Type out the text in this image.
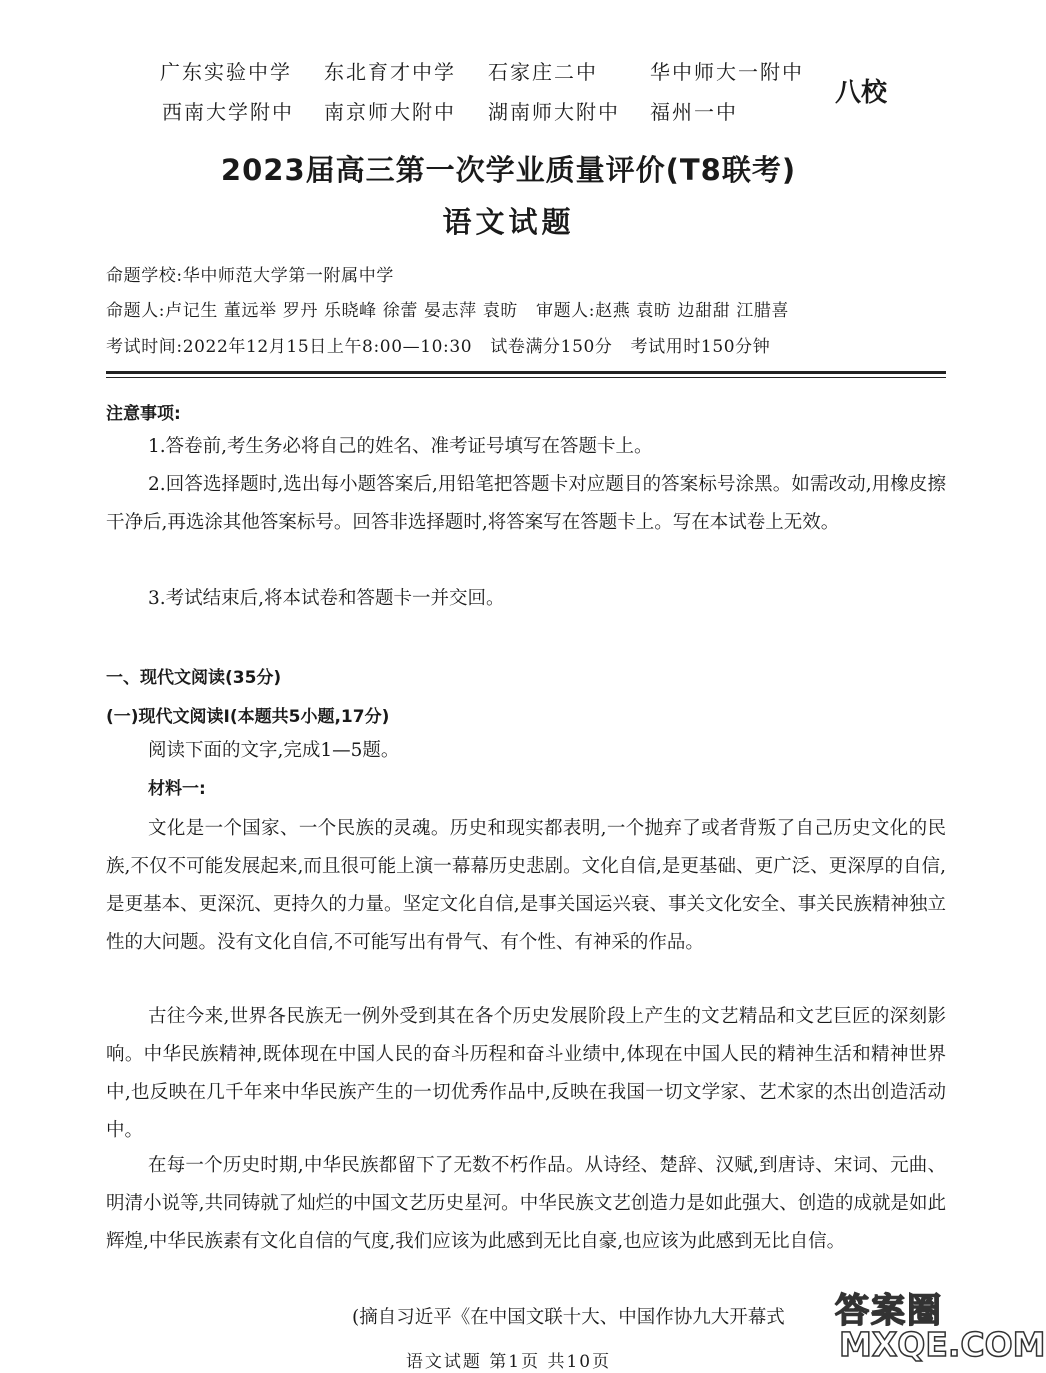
广东实验中学 东北育才中学 石家庄二中	华中师大一附中
西南大学附中 南京师大附中 湖南师大附中 福州一中
八校
2023届高三第一次学业质量评价(T8联考)
语文试题
命题学校:华中师范大学第一附属中学
命题人:卢记生 董远举 罗丹 乐晓峰 徐蕾 晏志萍 袁昉 审题人:赵燕 袁昉 边甜甜 江腊喜
考试时间:2022年12月15日上午8:00—10:30 试卷满分150分 考试用时150分钟
注意事项:
1.答卷前,考生务必将自己的姓名、准考证号填写在答题卡上。
2.回答选择题时,选出每小题答案后,用铅笔把答题卡对应题目的答案标号涂黑。如需改动,用橡皮擦干净后,再选涂其他答案标号。回答非选择题时,将答案写在答题卡上。写在本试卷上无效。
3.考试结束后,将本试卷和答题卡一并交回。
一、现代文阅读(35分)
(一)现代文阅读Ⅰ(本题共5小题,17分)
阅读下面的文字,完成1—5题。
材料一:
文化是一个国家、一个民族的灵魂。历史和现实都表明,一个抛弃了或者背叛了自己历史文化的民族,不仅不可能发展起来,而且很可能上演一幕幕历史悲剧。文化自信,是更基础、更广泛、更深厚的自信,是更基本、更深沉、更持久的力量。坚定文化自信,是事关国运兴衰、事关文化安全、事关民族精神独立性的大问题。没有文化自信,不可能写出有骨气、有个性、有神采的作品。
古往今来,世界各民族无一例外受到其在各个历史发展阶段上产生的文艺精品和文艺巨匠的深刻影响。中华民族精神,既体现在中国人民的奋斗历程和奋斗业绩中,体现在中国人民的精神生活和精神世界中,也反映在几千年来中华民族产生的一切优秀作品中,反映在我国一切文学家、艺术家的杰出创造活动中。
在每一个历史时期,中华民族都留下了无数不朽作品。从诗经、楚辞、汉赋,到唐诗、宋词、元曲、明清小说等,共同铸就了灿烂的中国文艺历史星河。中华民族文艺创造力是如此强大、创造的成就是如此辉煌,中华民族素有文化自信的气度,我们应该为此感到无比自豪,也应该为此感到无比自信。
(摘自习近平《在中国文联十大、中国作协九大开幕式
语文试题 第1页 共10页
答案圈
MXQE.COM
